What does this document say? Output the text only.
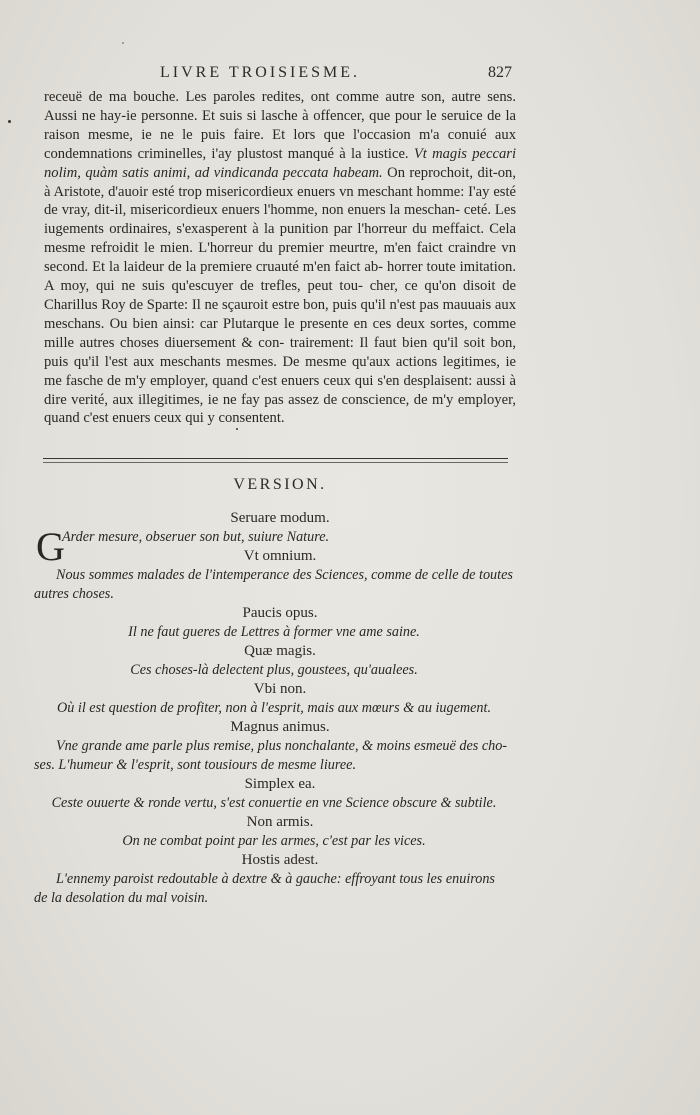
LIVRE TROISIESME.	827

receuë de ma bouche. Les paroles redites, ont comme autre son, autre sens. Aussi ne hay-ie personne. Et suis si lasche à offencer, que pour le seruice de la raison mesme, ie ne le puis faire. Et lors que l'occasion m'a conuié aux condemnations criminelles, i'ay plustost manqué à la iustice. Vt magis peccari nolim, quàm satis animi, ad vindicanda peccata habeam. On reprochoit, dit-on, à Aristote, d'auoir esté trop misericordieux enuers vn meschant homme: I'ay esté de vray, dit-il, misericordieux enuers l'homme, non enuers la meschan- ceté. Les iugements ordinaires, s'exasperent à la punition par l'horreur du meffaict. Cela mesme refroidit le mien. L'horreur du premier meurtre, m'en faict craindre vn second. Et la laideur de la premiere cruauté m'en faict ab- horrer toute imitation. A moy, qui ne suis qu'escuyer de trefles, peut tou- cher, ce qu'on disoit de Charillus Roy de Sparte: Il ne sçauroit estre bon, puis qu'il n'est pas mauuais aux meschans. Ou bien ainsi: car Plutarque le presente en ces deux sortes, comme mille autres choses diuersement & con- trairement: Il faut bien qu'il soit bon, puis qu'il l'est aux meschants mesmes. De mesme qu'aux actions legitimes, ie me fasche de m'y employer, quand c'est enuers ceux qui s'en desplaisent: aussi à dire verité, aux illegitimes, ie ne fay pas assez de conscience, de m'y employer, quand c'est enuers ceux qui y consentent.

VERSION.
Seruare modum.
G
Arder mesure, obseruer son but, suiure Nature.
Vt omnium.
Nous sommes malades de l'intemperance des Sciences, comme de celle de toutes
autres choses.
Paucis opus.
Il ne faut gueres de Lettres à former vne ame saine.
Quæ magis.
Ces choses-là delectent plus, goustees, qu'aualees.
Vbi non.
Où il est question de profiter, non à l'esprit, mais aux mœurs & au iugement.
Magnus animus.
Vne grande ame parle plus remise, plus nonchalante, & moins esmeuë des cho-
ses. L'humeur & l'esprit, sont tousiours de mesme liuree.
Simplex ea.
Ceste ouuerte & ronde vertu, s'est conuertie en vne Science obscure & subtile.
Non armis.
On ne combat point par les armes, c'est par les vices.
Hostis adest.
L'ennemy paroist redoutable à dextre & à gauche: effroyant tous les enuirons
de la desolation du mal voisin.
